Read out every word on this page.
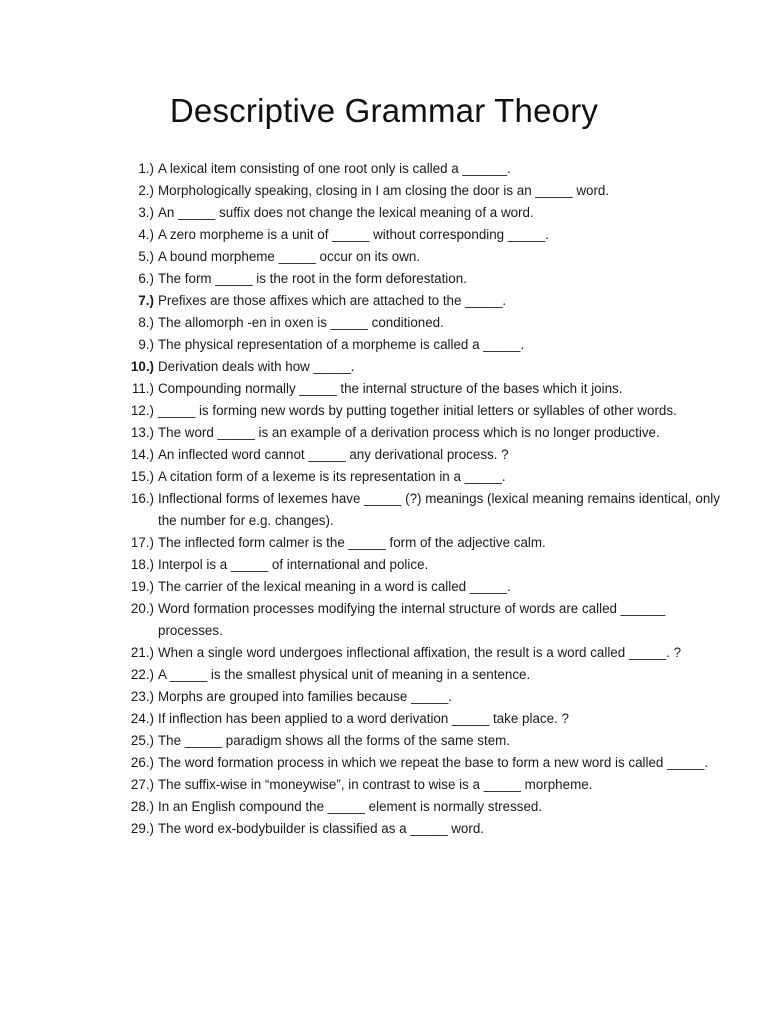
Descriptive Grammar Theory
1.) A lexical item consisting of one root only is called a ______.
2.) Morphologically speaking, closing in I am closing the door is an _____ word.
3.) An _____ suffix does not change the lexical meaning of a word.
4.) A zero morpheme is a unit of _____ without corresponding _____.
5.) A bound morpheme _____ occur on its own.
6.) The form _____ is the root in the form deforestation.
7.) Prefixes are those affixes which are attached to the _____.
8.) The allomorph -en in oxen is _____ conditioned.
9.) The physical representation of a morpheme is called a _____.
10.) Derivation deals with how _____.
11.) Compounding normally _____ the internal structure of the bases which it joins.
12.) _____ is forming new words by putting together initial letters or syllables of other words.
13.) The word _____ is an example of a derivation process which is no longer productive.
14.) An inflected word cannot _____ any derivational process. ?
15.) A citation form of a lexeme is its representation in a _____.
16.) Inflectional forms of lexemes have _____ (?) meanings (lexical meaning remains identical, only the number for e.g. changes).
17.) The inflected form calmer is the _____ form of the adjective calm.
18.) Interpol is a _____ of international and police.
19.) The carrier of the lexical meaning in a word is called _____.
20.) Word formation processes modifying the internal structure of words are called ______ processes.
21.) When a single word undergoes inflectional affixation, the result is a word called _____. ?
22.) A _____ is the smallest physical unit of meaning in a sentence.
23.) Morphs are grouped into families because _____.
24.) If inflection has been applied to a word derivation _____ take place. ?
25.) The _____ paradigm shows all the forms of the same stem.
26.) The word formation process in which we repeat the base to form a new word is called _____.
27.) The suffix-wise in “moneywise”, in contrast to wise is a _____ morpheme.
28.) In an English compound the _____ element is normally stressed.
29.) The word ex-bodybuilder is classified as a _____ word.
